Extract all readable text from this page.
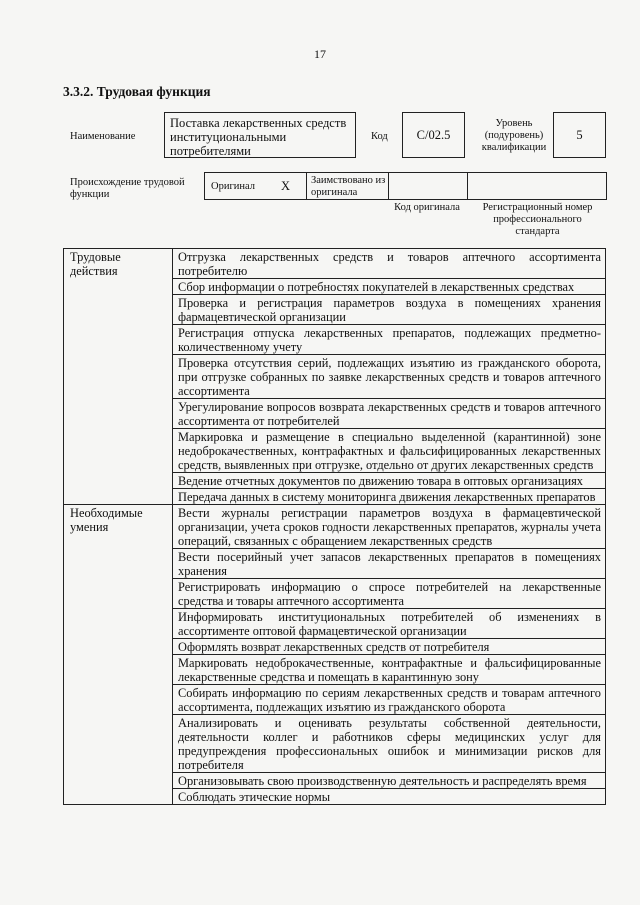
17
3.3.2. Трудовая функция
Наименование
Поставка лекарственных средств институциональными потребителями
Код	С/02.5
Уровень (подуровень) квалификации
5
Происхождение трудовой функции
Оригинал X Заимствовано из оригинала
Код оригинала	Регистрационный номер профессионального стандарта
Трудовые действия	Отгрузка лекарственных средств и товаров аптечного ассортимента потребителю
	Сбор информации о потребностях покупателей в лекарственных средствах
	Проверка и регистрация параметров воздуха в помещениях хранения фармацевтической организации
	Регистрация отпуска лекарственных препаратов, подлежащих предметно-количественному учету
	Проверка отсутствия серий, подлежащих изъятию из гражданского оборота, при отгрузке собранных по заявке лекарственных средств и товаров аптечного ассортимента
	Урегулирование вопросов возврата лекарственных средств и товаров аптечного ассортимента от потребителей
	Маркировка и размещение в специально выделенной (карантинной) зоне недоброкачественных, контрафактных и фальсифицированных лекарственных средств, выявленных при отгрузке, отдельно от других лекарственных средств
	Ведение отчетных документов по движению товара в оптовых организациях
	Передача данных в систему мониторинга движения лекарственных препаратов
Необходимые умения	Вести журналы регистрации параметров воздуха в фармацевтической организации, учета сроков годности лекарственных препаратов, журналы учета операций, связанных с обращением лекарственных средств
	Вести посерийный учет запасов лекарственных препаратов в помещениях хранения
	Регистрировать информацию о спросе потребителей на лекарственные средства и товары аптечного ассортимента
	Информировать институциональных потребителей об изменениях в ассортименте оптовой фармацевтической организации
	Оформлять возврат лекарственных средств от потребителя
	Маркировать недоброкачественные, контрафактные и фальсифицированные лекарственные средства и помещать в карантинную зону
	Собирать информацию по сериям лекарственных средств и товарам аптечного ассортимента, подлежащих изъятию из гражданского оборота
	Анализировать и оценивать результаты собственной деятельности, деятельности коллег и работников сферы медицинских услуг для предупреждения профессиональных ошибок и минимизации рисков для потребителя
	Организовывать свою производственную деятельность и распределять время
	Соблюдать этические нормы
